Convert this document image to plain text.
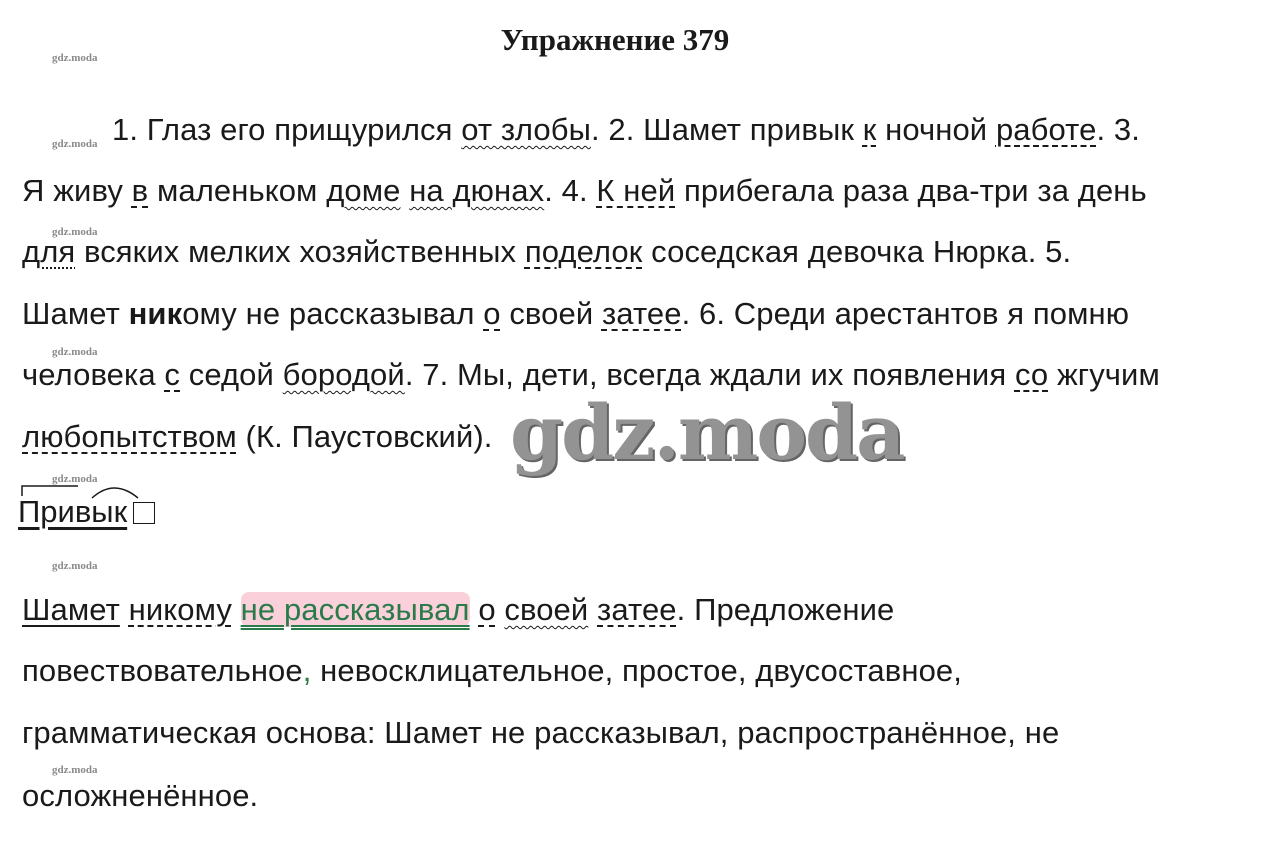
Упражнение 379
gdz.moda
gdz.moda
gdz.moda
gdz.moda
gdz.moda
gdz.moda
gdz.moda
1. Глаз его прищурился от злобы. 2. Шамет привык к ночной работе. 3.
Я живу в маленьком доме на дюнах. 4. К ней прибегала раза два-три за день
для всяких мелких хозяйственных поделок соседская девочка Нюрка. 5.
Шамет никому не рассказывал о своей затее. 6. Среди арестантов я помню
человека с седой бородой. 7. Мы, дети, всегда ждали их появления со жгучим
любопытством (К. Паустовский). gdz.moda
Привык
Шамет никому не рассказывал о своей затее. Предложение
повествовательное, невосклицательное, простое, двусоставное,
грамматическая основа: Шамет не рассказывал, распространённое, не
осложненённое.
